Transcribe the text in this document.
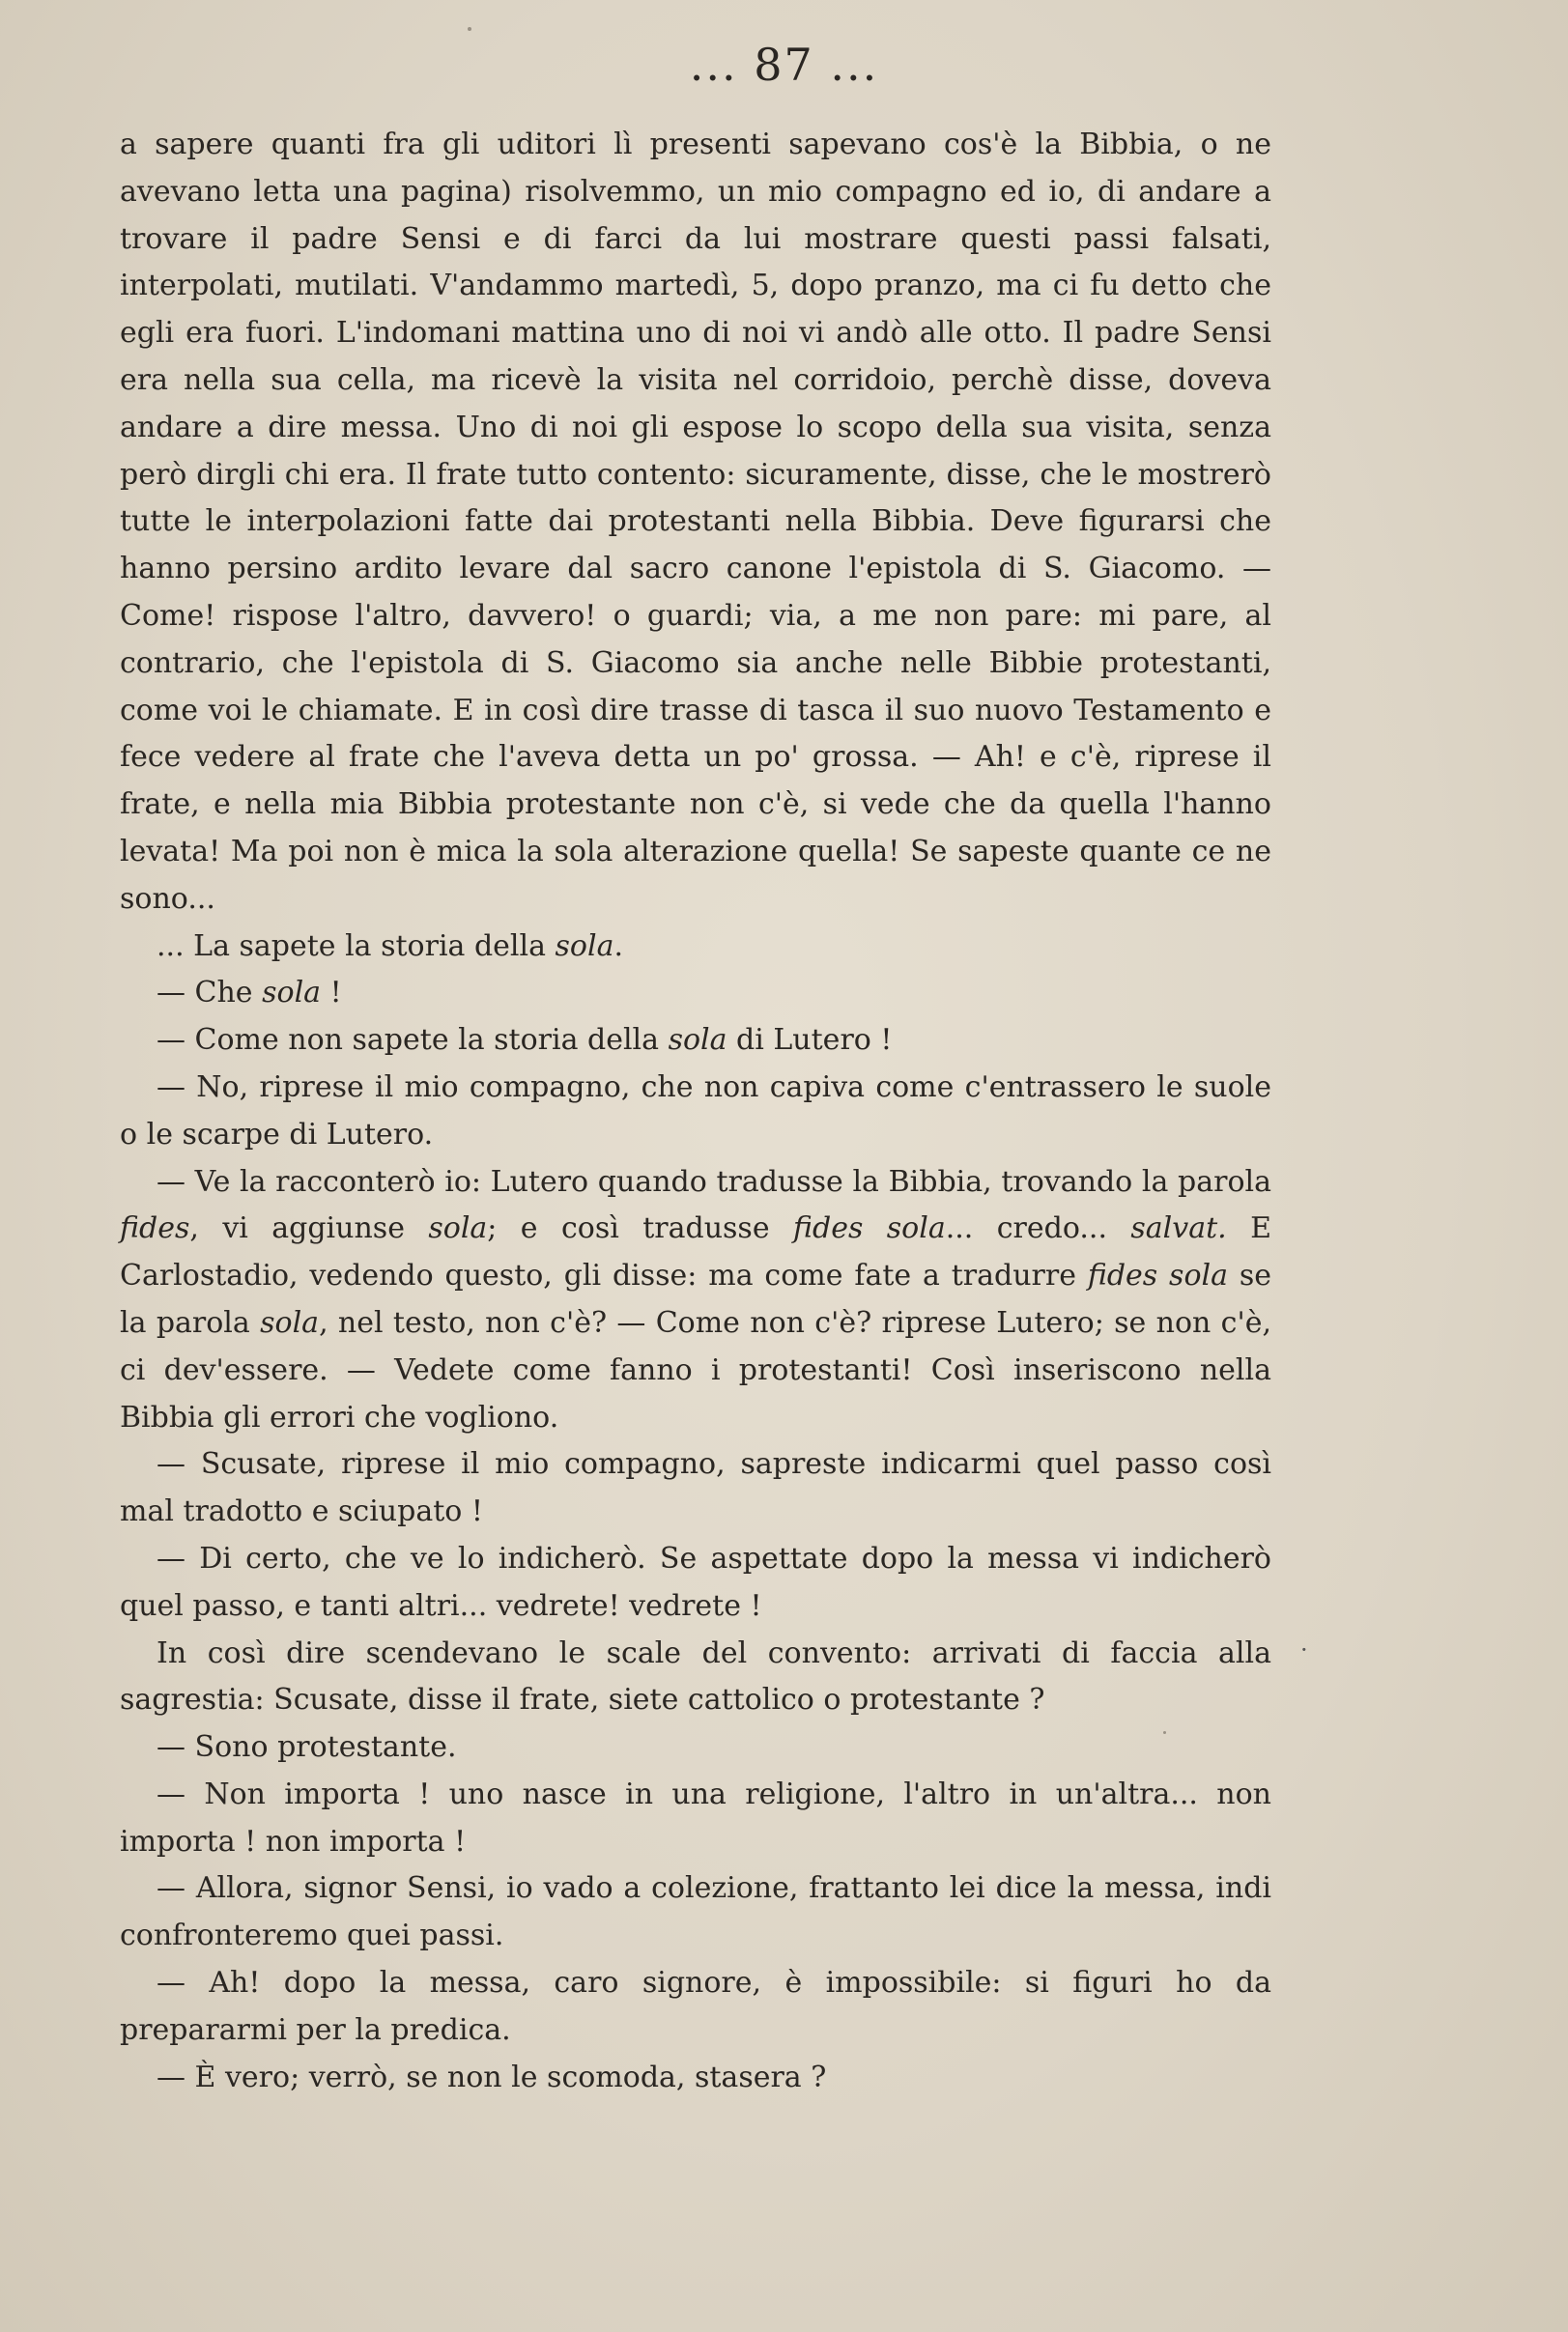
... 87 ...

a sapere quanti fra gli uditori lì presenti sapevano cos'è la Bibbia, o ne avevano letta una pagina) risolvemmo, un mio compagno ed io, di andare a trovare il padre Sensi e di farci da lui mostrare questi passi falsati, interpolati, mutilati. V'andammo martedì, 5, dopo pranzo, ma ci fu detto che egli era fuori. L'indomani mattina uno di noi vi andò alle otto. Il padre Sensi era nella sua cella, ma ricevè la visita nel corridoio, perchè disse, doveva andare a dire messa. Uno di noi gli espose lo scopo della sua visita, senza però dirgli chi era. Il frate tutto contento: sicuramente, disse, che le mostrerò tutte le interpolazioni fatte dai protestanti nella Bibbia. Deve figurarsi che hanno persino ardito levare dal sacro canone l'epistola di S. Giacomo. — Come! rispose l'altro, davvero! o guardi; via, a me non pare: mi pare, al contrario, che l'epistola di S. Giacomo sia anche nelle Bibbie protestanti, come voi le chiamate. E in così dire trasse di tasca il suo nuovo Testamento e fece vedere al frate che l'aveva detta un po' grossa. — Ah! e c'è, riprese il frate, e nella mia Bibbia protestante non c'è, si vede che da quella l'hanno levata! Ma poi non è mica la sola alterazione quella! Se sapeste quante ce ne sono...

... La sapete la storia della sola.

— Che sola !

— Come non sapete la storia della sola di Lutero !

— No, riprese il mio compagno, che non capiva come c'entrassero le suole o le scarpe di Lutero.

— Ve la racconterò io: Lutero quando tradusse la Bibbia, trovando la parola fides, vi aggiunse sola; e così tradusse fides sola... credo... salvat. E Carlostadio, vedendo questo, gli disse: ma come fate a tradurre fides sola se la parola sola, nel testo, non c'è? — Come non c'è? riprese Lutero; se non c'è, ci dev'essere. — Vedete come fanno i protestanti! Così inseriscono nella Bibbia gli errori che vogliono.

— Scusate, riprese il mio compagno, sapreste indicarmi quel passo così mal tradotto e sciupato !

— Di certo, che ve lo indicherò. Se aspettate dopo la messa vi indicherò quel passo, e tanti altri... vedrete! vedrete !

In così dire scendevano le scale del convento: arrivati di faccia alla sagrestia: Scusate, disse il frate, siete cattolico o protestante ?

— Sono protestante.

— Non importa ! uno nasce in una religione, l'altro in un'altra... non importa ! non importa !

— Allora, signor Sensi, io vado a colezione, frattanto lei dice la messa, indi confronteremo quei passi.

— Ah! dopo la messa, caro signore, è impossibile: si figuri ho da prepararmi per la predica.

— È vero; verrò, se non le scomoda, stasera ?

·
